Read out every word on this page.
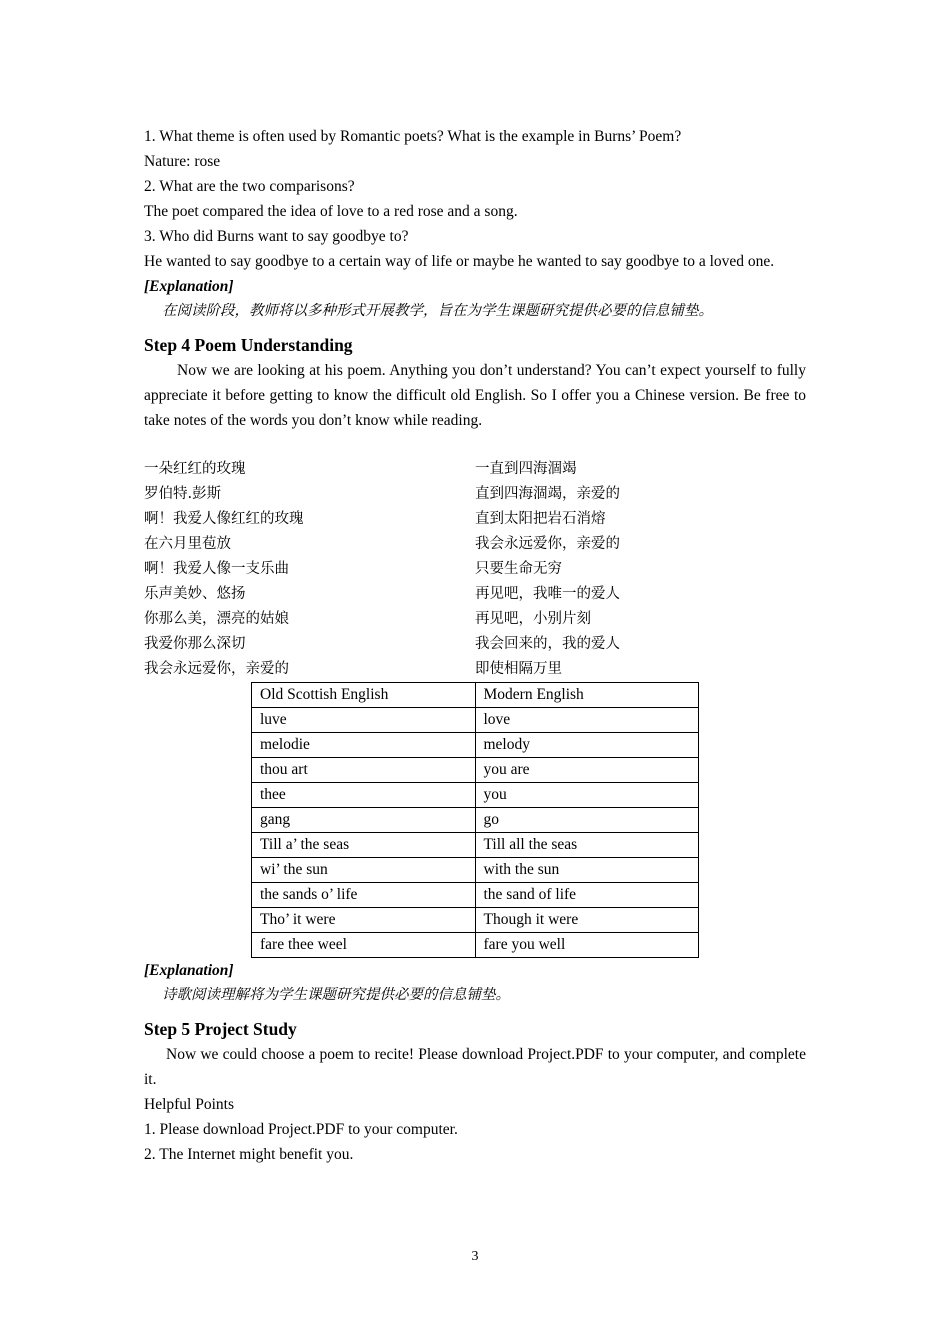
1. What theme is often used by Romantic poets? What is the example in Burns’ Poem?

Nature: rose

2. What are the two comparisons?

The poet compared the idea of love to a red rose and a song.

3. Who did Burns want to say goodbye to?

He wanted to say goodbye to a certain way of life or maybe he wanted to say goodbye to a loved one.

[Explanation]

在阅读阶段，教师将以多种形式开展教学，旨在为学生课题研究提供必要的信息铺垫。

Step 4 Poem Understanding

Now we are looking at his poem. Anything you don’t understand? You can’t expect yourself to fully appreciate it before getting to know the difficult old English. So I offer you a Chinese version. Be free to take notes of the words you don’t know while reading.

一朵红红的玫瑰
罗伯特.彭斯
啊！我爱人像红红的玫瑰
在六月里苞放
啊！我爱人像一支乐曲
乐声美妙、悠扬
你那么美，漂亮的姑娘
我爱你那么深切
我会永远爱你，亲爱的
一直到四海涸竭
直到四海涸竭，亲爱的
直到太阳把岩石消熔
我会永远爱你，亲爱的
只要生命无穷
再见吧，我唯一的爱人
再见吧，小别片刻
我会回来的，我的爱人
即使相隔万里
Old Scottish English	Modern English
luve	love
melodie	melody
thou art	you are
thee	you
gang	go
Till a’ the seas	Till all the seas
wi’ the sun	with the sun
the sands o’ life	the sand of life
Tho’ it were	Though it were
fare thee weel	fare you well

[Explanation]

诗歌阅读理解将为学生课题研究提供必要的信息铺垫。

Step 5 Project Study

Now we could choose a poem to recite! Please download Project.PDF to your computer, and complete it.

Helpful Points

1. Please download Project.PDF to your computer.

2. The Internet might benefit you.

3
